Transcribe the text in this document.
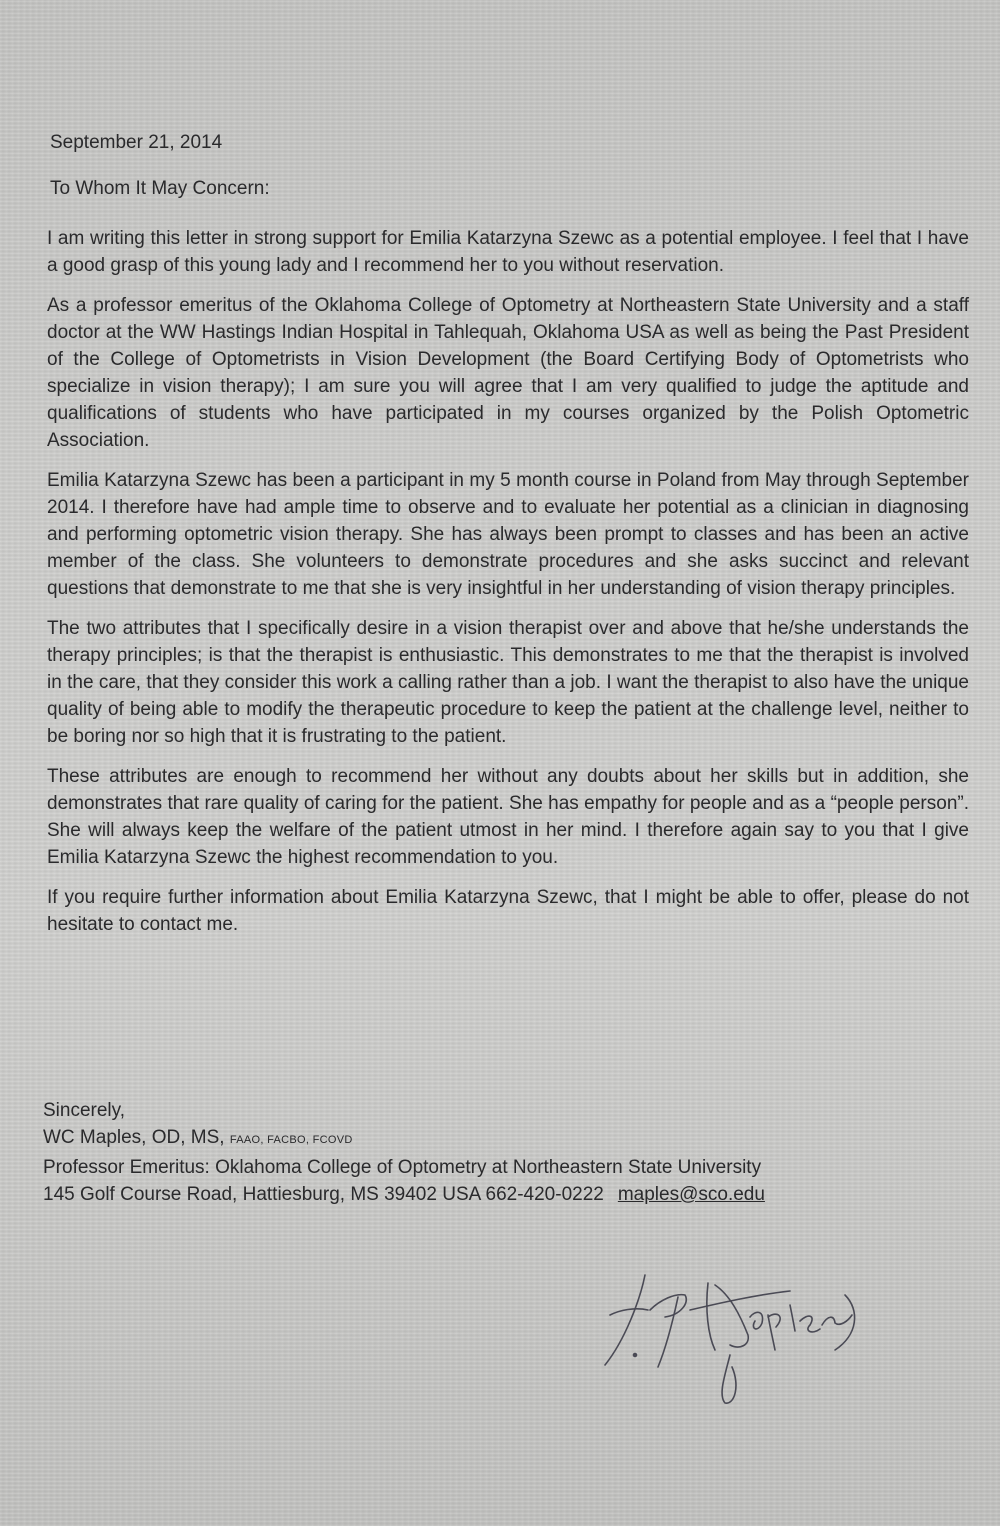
September 21, 2014
To Whom It May Concern:

I am writing this letter in strong support for Emilia Katarzyna Szewc as a potential employee. I feel that I have a good grasp of this young lady and I recommend her to you without reservation.

As a professor emeritus of the Oklahoma College of Optometry at Northeastern State University and a staff doctor at the WW Hastings Indian Hospital in Tahlequah, Oklahoma USA as well as being the Past President of the College of Optometrists in Vision Development (the Board Certifying Body of Optometrists who specialize in vision therapy); I am sure you will agree that I am very qualified to judge the aptitude and qualifications of students who have participated in my courses organized by the Polish Optometric Association.

Emilia Katarzyna Szewc has been a participant in my 5 month course in Poland from May through September 2014. I therefore have had ample time to observe and to evaluate her potential as a clinician in diagnosing and performing optometric vision therapy. She has always been prompt to classes and has been an active member of the class. She volunteers to demonstrate procedures and she asks succinct and relevant questions that demonstrate to me that she is very insightful in her understanding of vision therapy principles.

The two attributes that I specifically desire in a vision therapist over and above that he/she understands the therapy principles; is that the therapist is enthusiastic. This demonstrates to me that the therapist is involved in the care, that they consider this work a calling rather than a job. I want the therapist to also have the unique quality of being able to modify the therapeutic procedure to keep the patient at the challenge level, neither to be boring nor so high that it is frustrating to the patient.

These attributes are enough to recommend her without any doubts about her skills but in addition, she demonstrates that rare quality of caring for the patient. She has empathy for people and as a “people person”. She will always keep the welfare of the patient utmost in her mind. I therefore again say to you that I give Emilia Katarzyna Szewc the highest recommendation to you.

If you require further information about Emilia Katarzyna Szewc, that I might be able to offer, please do not hesitate to contact me.

Sincerely,
WC Maples, OD, MS, FAAO, FACBO, FCOVD
Professor Emeritus: Oklahoma College of Optometry at Northeastern State University
145 Golf Course Road, Hattiesburg, MS 39402 USA 662-420-0222 maples@sco.edu
